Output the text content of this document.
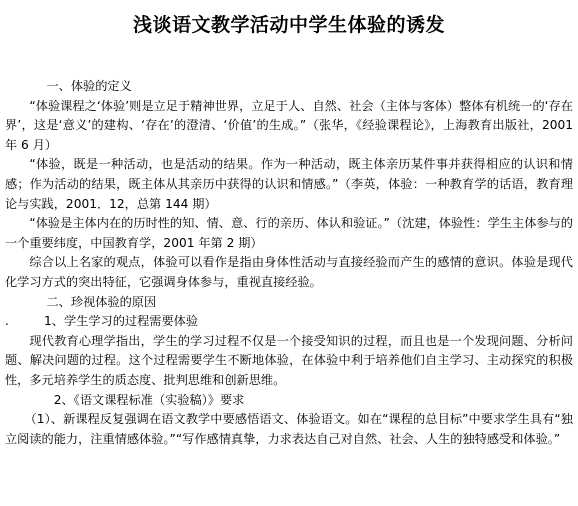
浅谈语文教学活动中学生体验的诱发

一、体验的定义

“体验课程之‘体验’则是立足于精神世界，立足于人、自然、社会（主体与客体）整体有机统一的‘存在界’，这是‘意义’的建构、‘存在’的澄清、‘价值’的生成。”（张华，《经验课程论》，上海教育出版社，2001 年 6 月）

“体验，既是一种活动，也是活动的结果。作为一种活动，既主体亲历某件事并获得相应的认识和情感；作为活动的结果，既主体从其亲历中获得的认识和情感。”（李英，体验：一种教育学的话语，教育理论与实践，2001．12，总第 144 期）

“体验是主体内在的历时性的知、情、意、行的亲历、体认和验证。”（沈建，体验性：学生主体参与的一个重要纬度，中国教育学，2001 年第 2 期）

综合以上名家的观点，体验可以看作是指由身体性活动与直接经验而产生的感情的意识。体验是现代化学习方式的突出特征，它强调身体参与，重视直接经验。

二、珍视体验的原因

.	1、学生学习的过程需要体验

现代教育心理学指出，学生的学习过程不仅是一个接受知识的过程，而且也是一个发现问题、分析问题、解决问题的过程。这个过程需要学生不断地体验，在体验中利于培养他们自主学习、主动探究的积极性，多元培养学生的质态度、批判思维和创新思维。

2、《语文课程标准（实验稿）》要求

（1）、新课程反复强调在语文教学中要感悟语文、体验语文。如在“课程的总目标”中要求学生具有“独立阅读的能力，注重情感体验。”“写作感情真挚，力求表达自己对自然、社会、人生的独特感受和体验。”
